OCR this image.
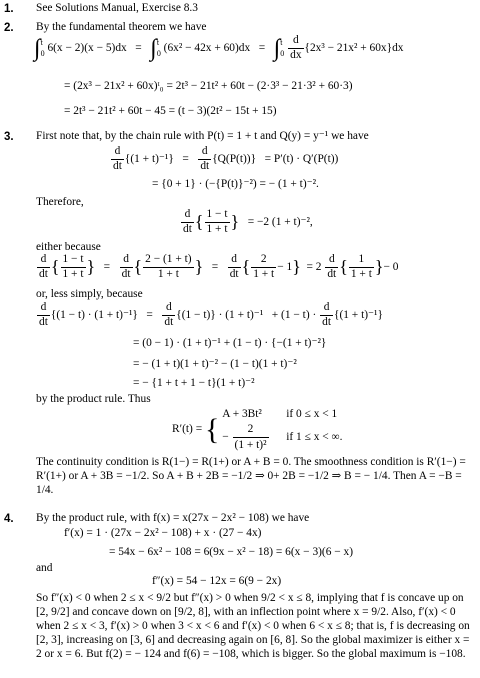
1. See Solutions Manual, Exercise 8.3
2. By the fundamental theorem we have
∫t
0 6(x − 2)(x − 5)dx   =   ∫t
0 (6x² − 42x + 60)dx   =   ∫t
$0 \frac{d}{dx} \{2x^3 - 21x^2 + 60x\}dx$
= (2x³ − 21x² + 60x)ᵗ₀ = 2t³ − 21t² + 60t − (2·3³ − 21·3² + 60·3)
= 2t³ − 21t² + 60t − 45 = (t − 3)(2t² − 15t + 15)
3. First note that, by the chain rule with P(t) = 1 + t and Q(y) = y⁻¹ we have
$\frac{d}{dt} \{(1 + t)^{-1}\} = \frac{d}{dt} \{Q(P(t))\} = P'(t) \cdot Q'(P(t))$
= {0 + 1} · (−{P(t)}⁻²) = − (1 + t)⁻².
Therefore,
$\frac{d}{dt}$ { $\frac{1 - t}{1 + t}$ } = −2 (1 + t)⁻²,
either because
$\frac{d}{dt}$ { $\frac{1 - t}{1 + t}$ }   = $\frac{d}{dt}$ { $\frac{2 - (1 + t)}{1 + t}$ }   = $\frac{d}{dt}$ { $\frac{2}{1 + t} - 1\} = 2 \frac{d}{dt}$ { $\frac{1}{1 + t}$ }− 0
or, less simply, because
$\frac{d}{dt} \{(1 - t) \cdot (1 + t)^{-1}\} = \frac{d}{dt} \{(1 - t)\} \cdot (1 + t)^{-1} + (1 - t) \cdot \frac{d}{dt} \{(1 + t)^{-1}\}$
= (0 − 1) · (1 + t)⁻¹ + (1 − t) · {−(1 + t)⁻²}
= − (1 + t)(1 + t)⁻² − (1 − t)(1 + t)⁻²
= − {1 + t + 1 − t}(1 + t)⁻²
by the product rule. Thus
R′(t) = { A + 3Bt² if 0 ≤ x < 1
− $\frac{2}{\text{(1 + t)²}}$ if 1 ≤ x < ∞.
The continuity condition is R(1−) = R(1+) or A + B = 0. The smoothness condition is R′(1−) = R′(1+) or A + 3B = −1/2. So A + B + 2B = −1/2 ⇒ 0+ 2B = −1/2 ⇒ B = − 1/4. Then A = −B = 1/4.
4. By the product rule, with f(x) = x(27x − 2x² − 108) we have
f′(x) = 1 · (27x − 2x² − 108) + x · (27 − 4x)
= 54x − 6x² − 108 = 6(9x − x² − 18) = 6(x − 3)(6 − x)
and
f″(x) = 54 − 12x = 6(9 − 2x)
So f″(x) < 0 when 2 ≤ x < 9/2 but f″(x) > 0 when 9/2 < x ≤ 8, implying that f is concave up on [2, 9/2] and concave down on [9/2, 8], with an inflection point where x = 9/2. Also, f′(x) < 0 when 2 ≤ x < 3, f′(x) > 0 when 3 < x < 6 and f′(x) < 0 when 6 < x ≤ 8; that is, f is decreasing on [2, 3], increasing on [3, 6] and decreasing again on [6, 8]. So the global maximizer is either x = 2 or x = 6. But f(2) = − 124 and f(6) = −108, which is bigger. So the global maximum is −108.
